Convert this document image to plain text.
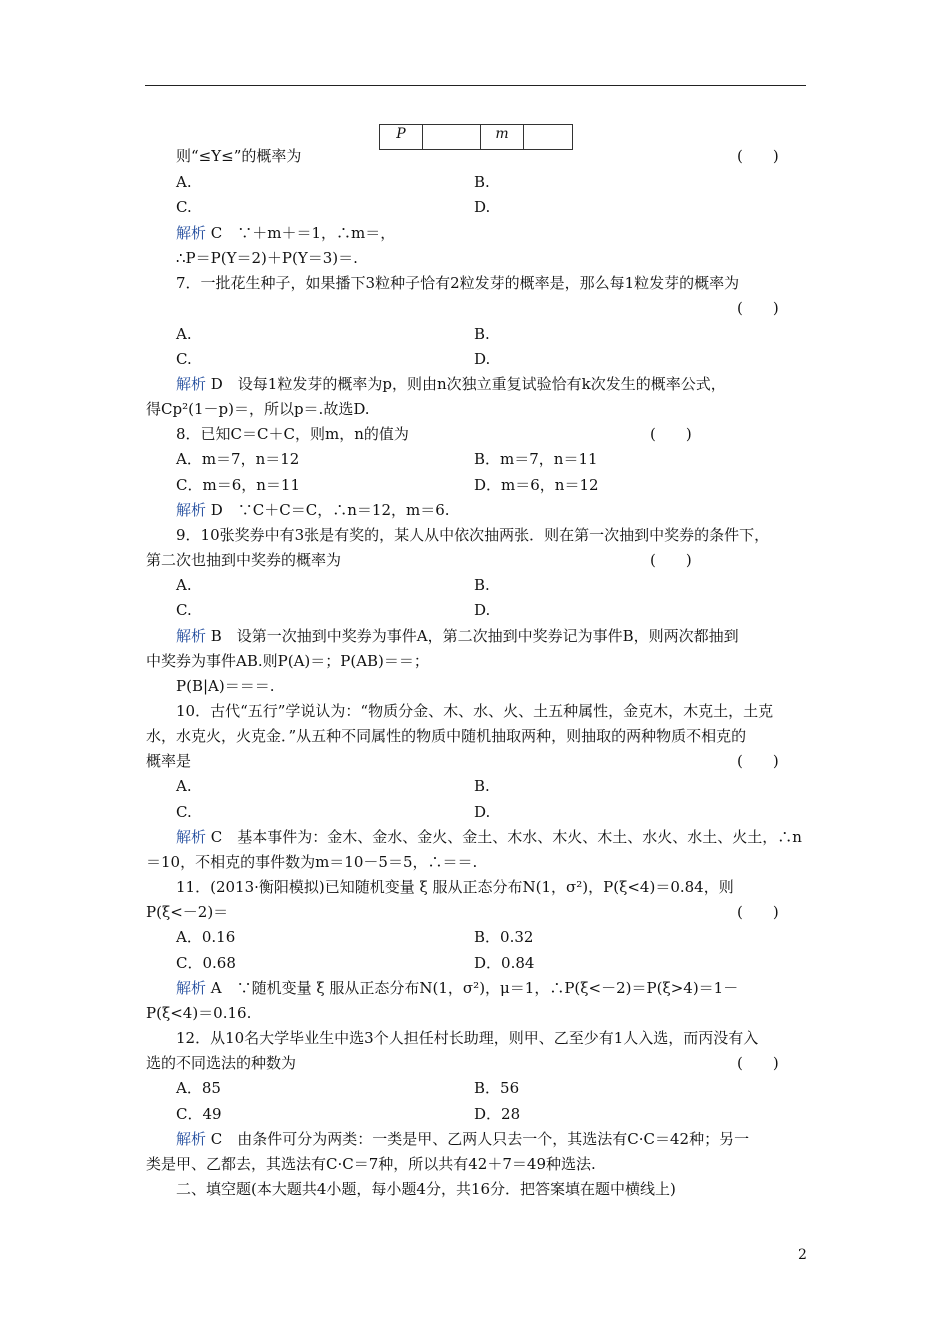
P		m	
则“≤Y≤”的概率为
A.	B.
C.	D.
解析 C　∵＋m＋＝1，∴m＝，
∴P＝P(Y＝2)＋P(Y＝3)＝.
7．一批花生种子，如果播下3粒种子恰有2粒发芽的概率是，那么每1粒发芽的概率为
A.	B.
C.	D.
解析 D　设每1粒发芽的概率为p，则由n次独立重复试验恰有k次发生的概率公式，
得Cp²(1－p)＝，所以p＝.故选D.
8．已知C＝C＋C，则m，n的值为
A．m＝7，n＝12	B．m＝7，n＝11
C．m＝6，n＝11	D．m＝6，n＝12
解析 D　∵C＋C＝C，∴n＝12，m＝6.
9．10张奖券中有3张是有奖的，某人从中依次抽两张．则在第一次抽到中奖券的条件下，
第二次也抽到中奖券的概率为
A.	B.
C.	D.
解析 B　设第一次抽到中奖券为事件A，第二次抽到中奖券记为事件B，则两次都抽到
中奖券为事件AB.则P(A)＝；P(AB)＝＝；
P(B|A)＝＝＝.
10．古代“五行”学说认为：“物质分金、木、水、火、土五种属性，金克木，木克土，土克
水，水克火，火克金．”从五种不同属性的物质中随机抽取两种，则抽取的两种物质不相克的
概率是
A.	B.
C.	D.
解析 C　基本事件为：金木、金水、金火、金土、木水、木火、木土、水火、水土、火土，∴n
＝10，不相克的事件数为m＝10－5＝5，∴＝＝.
11．(2013·衡阳模拟)已知随机变量 ξ 服从正态分布N(1，σ²)，P(ξ<4)＝0.84，则
P(ξ<－2)＝
A．0.16	B．0.32
C．0.68	D．0.84
解析 A　∵随机变量 ξ 服从正态分布N(1，σ²)，μ＝1，∴P(ξ<－2)＝P(ξ>4)＝1－
P(ξ<4)＝0.16.
12．从10名大学毕业生中选3个人担任村长助理，则甲、乙至少有1人入选，而丙没有入
选的不同选法的种数为
A．85	B．56
C．49	D．28
解析 C　由条件可分为两类：一类是甲、乙两人只去一个，其选法有C·C＝42种；另一
类是甲、乙都去，其选法有C·C＝7种，所以共有42＋7＝49种选法.
二、填空题(本大题共4小题，每小题4分，共16分．把答案填在题中横线上)
(　　)
(　　)
(　　)
(　　)
(　　)
(　　)
(　　)
2
